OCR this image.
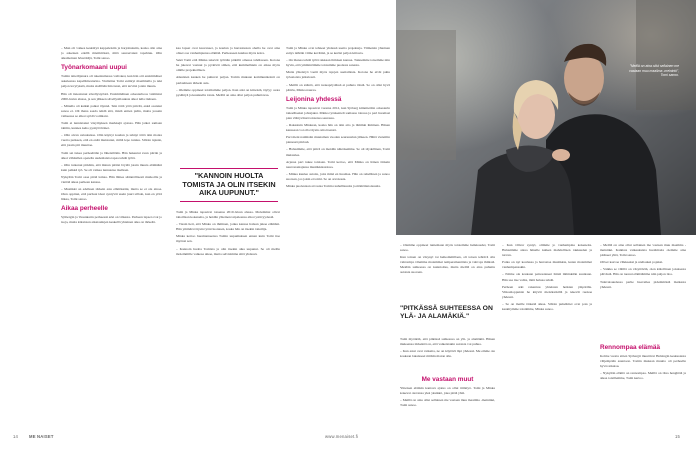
– Mun oli vaikea keskittyä kappaleisiin ja harjoituksiin, koska olin aina jo askeleen edellä miettimässä, mitä seuraavaksi tapahtuu. Olin aikamoinen hössöttäjä, Tomi sanoo.

Työnarkomaani uupui

Tomin taiteilijanura oli rakentumassa vahvaksi, kun hän otti ensimmäiset askeleensa kapellimestarina. Viulistina Tomi esiintyi maailmalla ja teki paljon levytyksiä, mutta sisällään hän tunsi, että tarvitsi jotain muuta.

Hän oli innostunut sävellystyöstä. Ensimmäinen orkesteriteos valmistui 2000-luvun alussa, ja sen jälkeen sävellystilauksia alkoi tulla tiuhaan.

– Minulla oli kaikki paikat täynnä. Tein töitä yötä päivää, enkä osannut sanoa ei. Oli ihana saada tehdä sitä, mistä eniten pidin, mutta jossain vaiheessa se alkoi syödä voimiani.

Tomi ei tunnistanut väsymyksen merkkejä ajoissa. Hän jatkoi samaan tahtiin, kunnes keho pysäytti hänet.

– Olin aivan uuvuksissa. Olin käynyt koulun ja tehnyt töitä niin monta vuotta putkeen, että en enää muistanut, miltä lepo tuntuu. Silloin tajusin, että jotain piti muuttaa.

Tomi sai tukea perheeltään ja läheisiltään. Hän hakeutui avun piiriin ja alkoi vähitellen opetella uudenlaista tapaa tehdä työtä.

– Olin tuntenut pitkään, että minun pitäisi löytää jotain muuta elämääni kuin pelkkä työ. Se oli vaikea tunnustaa itselleen.

Nykyään Tomi osaa pitää lomaa. Hän lähtee säännöllisesti matkoille ja viettää aikaa perheen kanssa.

– Musiikki on edelleen tärkein asia elämässäni, mutta se ei ole ainoa. Olen oppinut, että parhaat ideat syntyvät usein juuri silloin, kun en yritä liikaa, Tomi sanoo.

Aikaa perheelle

Sjöbergin ja Vasankarin perheessä arki on vilkasta. Perheen lapset ovat jo isoja, mutta kiireisten aikataulujen keskellä yhteinen aika on tärkeää.

kaa lapset ovat kasvaneet, ja koulun ja harrastusten ohella he ovat aina olleet osa vanhempiensa elämää. Perheeseen kuuluu myös koira.

Sekä Tomi että Minka tekevät työtään pitkälti omassa tahdissaan. Kotona he jakavat vastuut ja pyrkivät siihen, että kummallakin on aikaa myös omille projekteilleen.

Aikuisten kesken he puhuvat paljon. Tomin mukaan kommunikointi on parisuhteen tärkein asia.

– Olemme oppineet toisiltamme paljon. Kun arki on kiireistä, täytyy osata pysähtyä ja kuunnella toista. Meillä on aina ollut paljon puhuttavaa.

Tomi ja Minka tapasivat toisensa 2010-luvun alussa. Molemmat olivat tahoillaan kokeneita, ja heidän yhteinen taipaleensa alkoi ystävyydestä.

– Tiesin heti, että Minka on ihminen, jonka kanssa haluan jakaa elämäni. Hän ymmärsi täysin työni luonteen, koska hän on itsekin taiteilija.

Minka kertoo huomanneensa Tomin uupumuksen ennen kuin Tomi itse myönsi sen.

– Kannoin huolta Tomista ja olin itsekin aika uupunut. Se oli meille molemmille vaikeaa aikaa, mutta selvisimme siitä yhdessä.

"KANNOIN HUOLTA TOMISTA JA OLIN ITSEKIN AIKA UUPUNUT."

Tomi ja Minka ovat tehneet yhdessä useita projekteja. Viimeisin yhteinen esitys nähtiin viime keväänä, ja se keräsi paljon kiitosta.

– On ihanaa tehdä työtä rakkaan ihmisen kanssa. Tunnemme toisemme niin hyvin, että ymmärrämme toisiamme puolesta sanasta.

Mutta yhteistyö vaatii myös rajojen asettamista. Kotona he eivät puhu työasioista jatkuvasti.

– Meillä on sääntö, että ruokapöydässä ei puhuta töistä. Se on ollut hyvä päätös, Minka nauraa.

Leijonina yhdessä

Tomi ja Minka tapasivat vuonna 2012, kun Sjöberg kiinnitettiin orkesterin taiteelliseksi johtajaksi. Minka työskenteli samassa talossa ja pari huomasi pian viihtyvänsä toistensa seurassa.

– Rakastuin Minkaan, koska hän on niin aito ja lämmin ihminen. Hänen kanssaan voi olla täysin oma itsensä.

Pari meni naimisiin muutaman vuoden seurustelun jälkeen. Häitä vietettiin pienessä piirissä.

– Halusimme, että päivä on meidän näköisemme. Se oli täydellinen, Tomi muistelee.

Arjessa pari tukee toisiaan. Tomi kertoo, että Minka on hänen tärkein neuvonantajansa musiikkiasioissa.

– Minka kuulee asioita, joita minä en huomaa. Hän on rehellinen ja sanoo suoraan, jos jokin ei toimi. Se on arvokasta.

Minka puolestaan arvostaa Tomin rauhallisuutta ja määrätietoisuutta.

"Meillä on aina ollut sellainen me vastaan muu maailma -meininki", Tomi sanoo.

– Olemme oppineet tuntemaan myös toistemme heikkoudet, Tomi sanoo.

Kun toinen on väsynyt tai heikommillaan, oli toisen tehtävä olla vahvempi. Olemme molemmat temperamenttisia ja vahvoja ihmisiä. Meidän suhteessa on kunnioitus, mutta meillä on aina puhuttu asioista suoraan.

Tomi myöntää, että pitkässä suhteessa on ylä- ja alamäkiä. Hänen mukaansa tärkeintä on, että vaikeistakin asioista voi puhua.

– Kun asiat ovat vaikeita, ne on käytävä läpi yhdessä. Me emme ole koskaan lakaisseet mitään maton alle.

Me vastaan muut

Yhteisen elämän kantava ajatus on ollut tiimityö. Tomi ja Minka kokevat olevansa yksi yksikkö, joka pitää yhtä.

– Meillä on aina ollut sellainen me vastaan muu maailma -meininki, Tomi sanoo.

"PITKÄSSÄ SUHTEESSA ON YLÄ- JA ALAMÄKIÄ."

– Kun Oliver syntyi, olimme jo vanhempina kokeneita. Halusimme antaa hänelle kaiken mahdollisen rakkauden ja turvan.

Poika on nyt koulussa ja harrastaa musiikkia, kuten molemmat vanhempansakin.

– Emme ole koskaan painostaneet häntä mihinkään suuntaan. Hän saa itse valita, mitä haluaa tehdä.

Perheen arki rakentuu yhteisten hetkien ympärille. Viikonloppuisin he käyvät metsäretkillä ja tekevät ruokaa yhdessä.

– Se on meille tärkeää aikaa. Silloin puhelimet ovat pois ja keskitymme toisiimme, Minka sanoo.

– Meillä on aina ollut sellainen me vastaan muu maailma -meininki. Kaikista vaikeuksista huolimatta olemme aina pitäneet yhtä, Tomi sanoo.

Oliver kasvaa vilkkaaksi ja uteliaaksi pojaksi.

– Vaikka se välillä on väsyttävää, olen kiitollinen jokaisesta päivästä. Hän on tuonut elämäämme niin paljon iloa.

Tulevaisuudessa perhe haaveilee pidemmästä matkasta yhdessä.

Rennompaa elämää

Kolme vuotta sitten Sjöbergit muuttivat Helsingin keskustasta väljempään asuntoon. Tomin mukaan muutto oli perheelle hyvä ratkaisu.

– Nykyään elämä on rennompaa. Meillä on tilaa hengittää ja aikaa toisillemme, Tomi kertoo.

14	ME NAISET	www.menaiset.fi	15
